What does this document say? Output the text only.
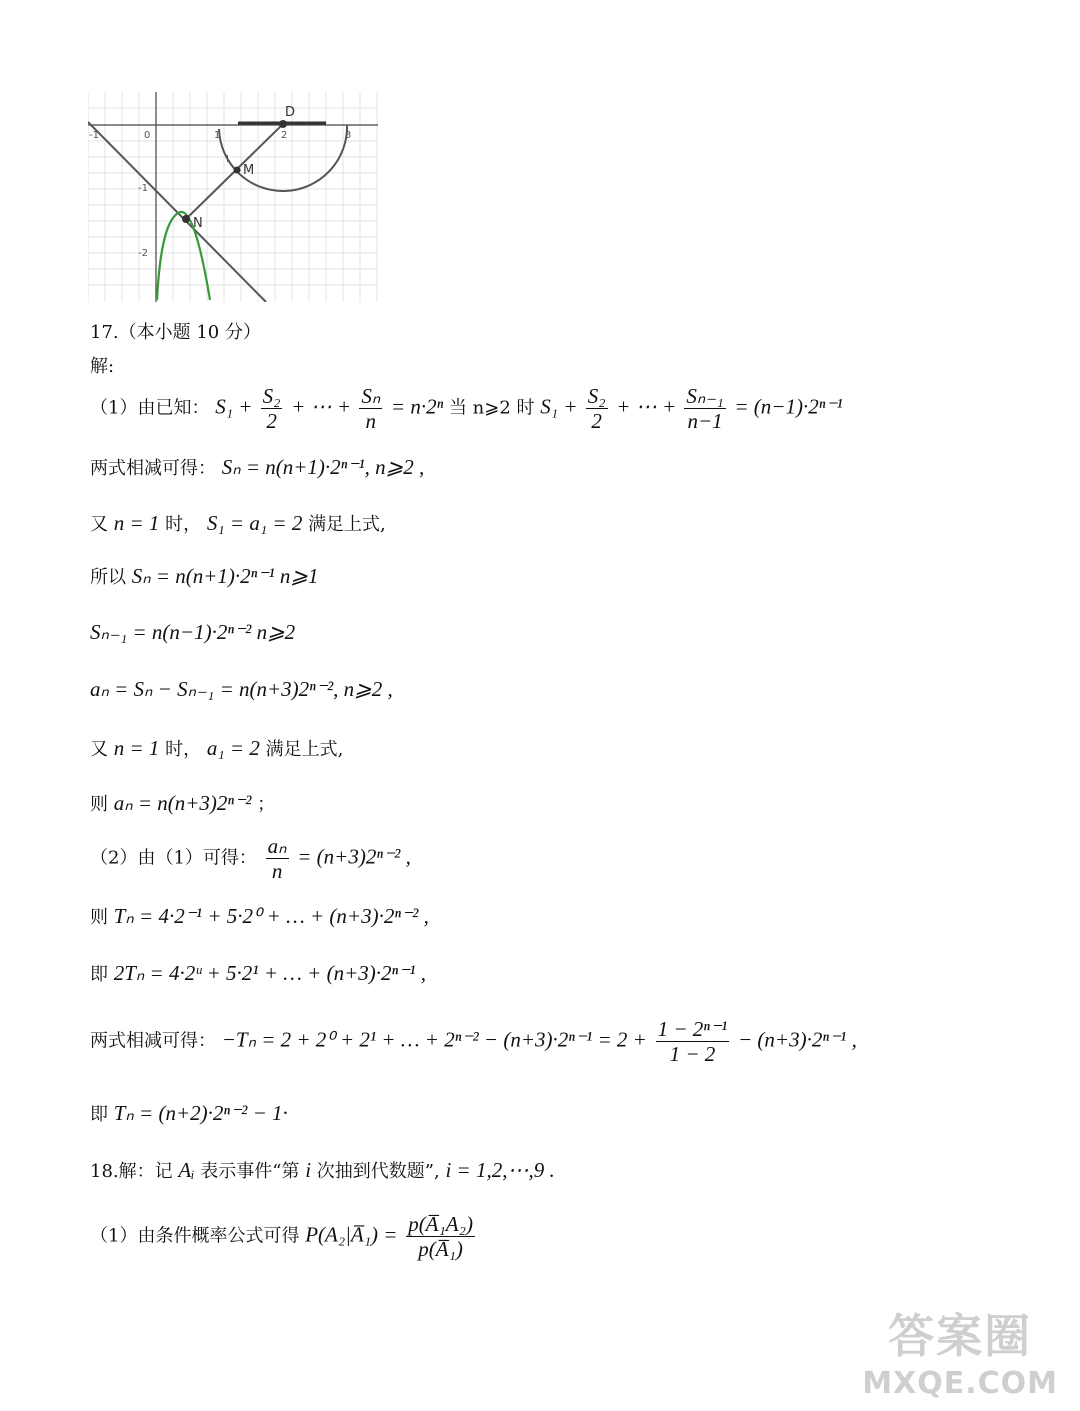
-1	0	1	2	3
-1
-2
D
M
N
I
17.（本小题 10 分）
解:
（1）由已知： $S_1 + \frac{\text{S₂}}{2}$ + ⋯ + $\frac{\text{Sₙ}}{n} = n\cdot 2^n$ 当 n⩾2 时 $S_1 + \frac{\text{S₂}}{2}$ + ⋯ + $\frac{\text{Sₙ₋₁}}{n-1} = (n-1)\cdot 2^{n-1}$
两式相减可得： Sₙ = n(n+1)·2ⁿ⁻¹, n⩾2 ,
又 n = 1 时， S₁ = a₁ = 2 满足上式,
所以 Sₙ = n(n+1)·2ⁿ⁻¹ n⩾1
Sₙ₋₁ = n(n−1)·2ⁿ⁻² n⩾2
aₙ = Sₙ − Sₙ₋₁ = n(n+3)2ⁿ⁻², n⩾2 ,
又 n = 1 时， a₁ = 2 满足上式,
则 aₙ = n(n+3)2ⁿ⁻² ；
（2）由（1）可得： $\frac{\text{aₙ}}{n} = (n+3)2^{n-2}$ ,
则 Tₙ = 4·2⁻¹ + 5·2⁰ + … + (n+3)·2ⁿ⁻² ,
即 2Tₙ = 4·2ᵘ + 5·2¹ + … + (n+3)·2ⁿ⁻¹ ,
两式相减可得： −Tₙ = 2 + 2⁰ + 2¹ + … + $2^{n-2} - (n+3)\cdot 2^{n-1} = 2 + \frac{\text{1 − 2ⁿ⁻¹}}{1 - 2} - (n+3)\cdot 2^{n-1}$ ,
即 Tₙ = (n+2)·2ⁿ⁻² − 1·
18.解：记 Aᵢ 表示事件“第 i 次抽到代数题”, i = 1,2,⋯,9 .
（1）由条件概率公式可得 P(A₂|A̅₁) = $\frac{\text{p(A̅₁A₂)}}{\text{p(A̅₁)}}$
答案圈
MXQE.COM
